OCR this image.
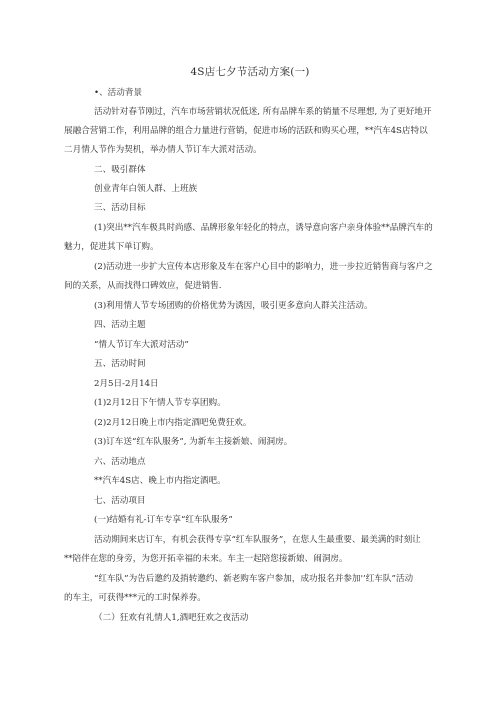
4S店七夕节活动方案(一)
•、活动背景
活动针对春节刚过，汽车市场营销状况低迷, 所有品牌车系的销量不尽理想, 为了更好地开
展融合营销工作，利用品牌的组合力量进行营销，促进市场的活跃和购买心理，**汽车4S店特以
二月情人节作为契机，举办情人节订车大派对活动。
二、吸引群体
创业青年白领人群、上班族
三、活动目标
(1)突出**汽车极具时尚感、品牌形象年轻化的特点，诱导意向客户亲身体验**品牌汽车的
魅力，促进其下单订购。
(2)活动进一步扩大宣传本店形象及车在客户心目中的影响力，进一步拉近销售商与客户之
间的关系，从而找得口碑效应，促进销售.
(3)利用情人节专场团购的价格优势为诱因，吸引更多意向人群关注活动。
四、活动主题
“情人节订车大派对活动”
五、活动时间
2月5日-2月14日
(1)2月12日下午情人节专享团购。
(2)2月12日晚上市内指定酒吧免费狂欢。
(3)订车送“红车队服务”, 为新车主接新娘、闹洞房。
六、活动地点
**汽车4S店、晚上市内指定酒吧。
七、活动项目
(一)结婚有礼-订车专享“红车队服务”
活动期间来店订车，有机会获得专享“红车队服务”，在您人生最重要、最美满的时刻让
**陪伴在您的身旁，为您开拓幸福的未来。车主一起陪您接新娘、闹洞房。
“红车队”为告后邀约及捎转邀约、新老购车客户参加，成功报名并参加'’红车队”活动
的车主，可获得***元的工时保养券。
（二）狂欢有礼情人1,酒吧狂欢之夜活动
